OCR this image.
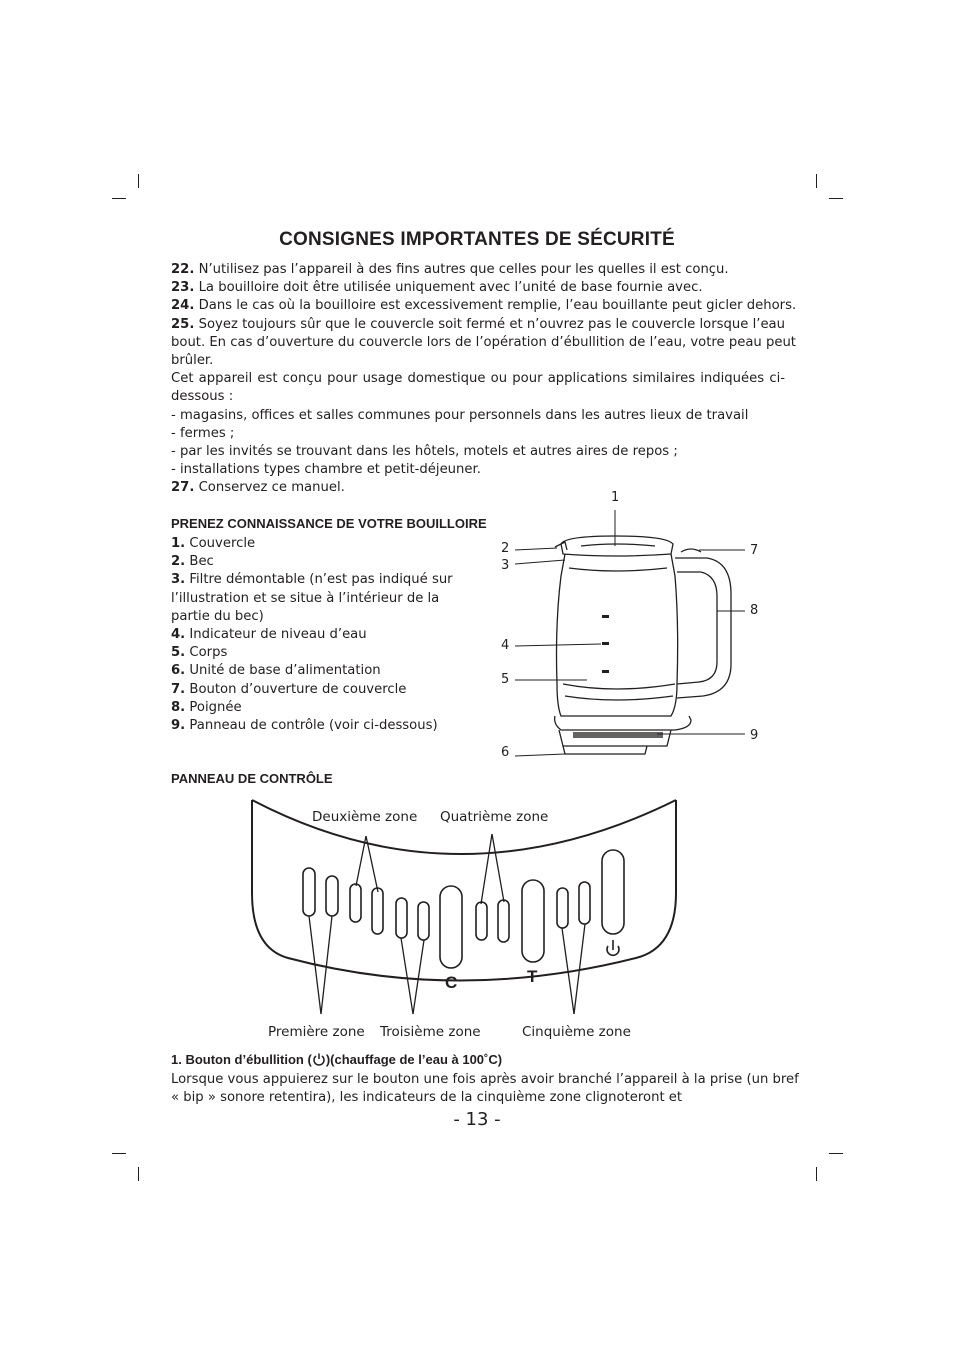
CONSIGNES IMPORTANTES DE SÉCURITÉ
22. N’utilisez pas l’appareil à des fins autres que celles pour les quelles il est conçu.
23. La bouilloire doit être utilisée uniquement avec l’unité de base fournie avec.
24. Dans le cas où la bouilloire est excessivement remplie, l’eau bouillante peut gicler dehors.
25. Soyez toujours sûr que le couvercle soit fermé et n’ouvrez pas le couvercle lorsque l’eau
bout. En cas d’ouverture du couvercle lors de l’opération d’ébullition de l’eau, votre peau peut
brûler.
Cet appareil est conçu pour usage domestique ou pour applications similaires indiquées ci-
dessous :
- magasins, offices et salles communes pour personnels dans les autres lieux de travail
- fermes ;
- par les invités se trouvant dans les hôtels, motels et autres aires de repos ;
- installations types chambre et petit-déjeuner.
27. Conservez ce manuel.
PRENEZ CONNAISSANCE DE VOTRE BOUILLOIRE
1. Couvercle
2. Bec
3. Filtre démontable (n’est pas indiqué sur
l’illustration et se situe à l’intérieur de la
partie du bec)
4. Indicateur de niveau d’eau
5. Corps
6. Unité de base d’alimentation
7. Bouton d’ouverture de couvercle
8. Poignée
9. Panneau de contrôle (voir ci-dessous)
1
2
3
4
5
6
7
8
9
PANNEAU DE CONTRÔLE
C	T
Deuxième zone Quatrième zone
Première zone Troisième zone	Cinquième zone
1. Bouton d’ébullition ( )(chauffage de l’eau à 100˚C)
Lorsque vous appuierez sur le bouton une fois après avoir branché l’appareil à la prise (un bref
« bip » sonore retentira), les indicateurs de la cinquième zone clignoteront et
- 13 -
